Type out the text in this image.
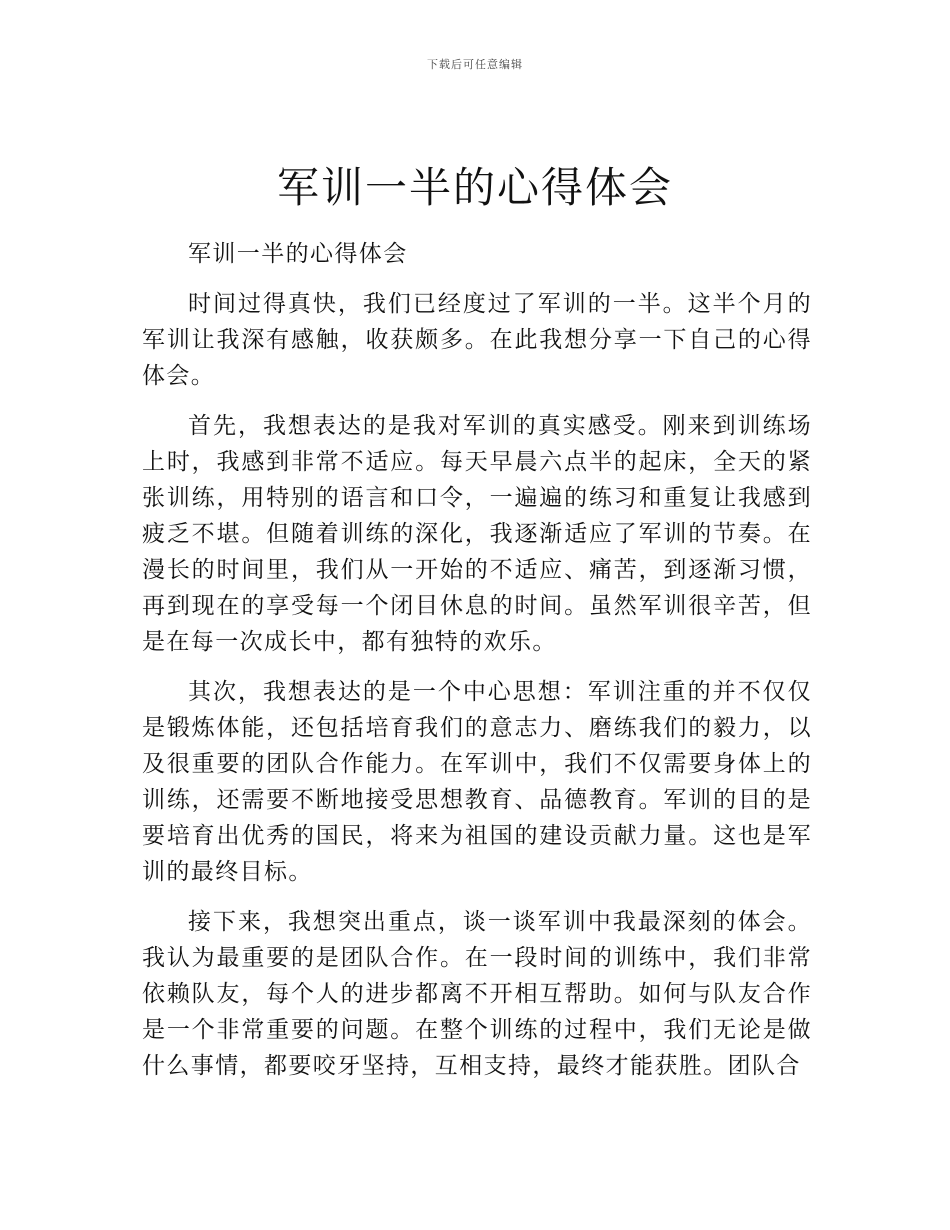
下载后可任意编辑
军训一半的心得体会

军训一半的心得体会

时间过得真快，我们已经度过了军训的一半。这半个月的军训让我深有感触，收获颇多。在此我想分享一下自己的心得体会。

首先，我想表达的是我对军训的真实感受。刚来到训练场上时，我感到非常不适应。每天早晨六点半的起床，全天的紧张训练，用特别的语言和口令，一遍遍的练习和重复让我感到疲乏不堪。但随着训练的深化，我逐渐适应了军训的节奏。在漫长的时间里，我们从一开始的不适应、痛苦，到逐渐习惯，再到现在的享受每一个闭目休息的时间。虽然军训很辛苦，但是在每一次成长中，都有独特的欢乐。

其次，我想表达的是一个中心思想：军训注重的并不仅仅是锻炼体能，还包括培育我们的意志力、磨练我们的毅力，以及很重要的团队合作能力。在军训中，我们不仅需要身体上的训练，还需要不断地接受思想教育、品德教育。军训的目的是要培育出优秀的国民，将来为祖国的建设贡献力量。这也是军训的最终目标。

接下来，我想突出重点，谈一谈军训中我最深刻的体会。我认为最重要的是团队合作。在一段时间的训练中，我们非常依赖队友，每个人的进步都离不开相互帮助。如何与队友合作是一个非常重要的问题。在整个训练的过程中，我们无论是做什么事情，都要咬牙坚持，互相支持，最终才能获胜。团队合
